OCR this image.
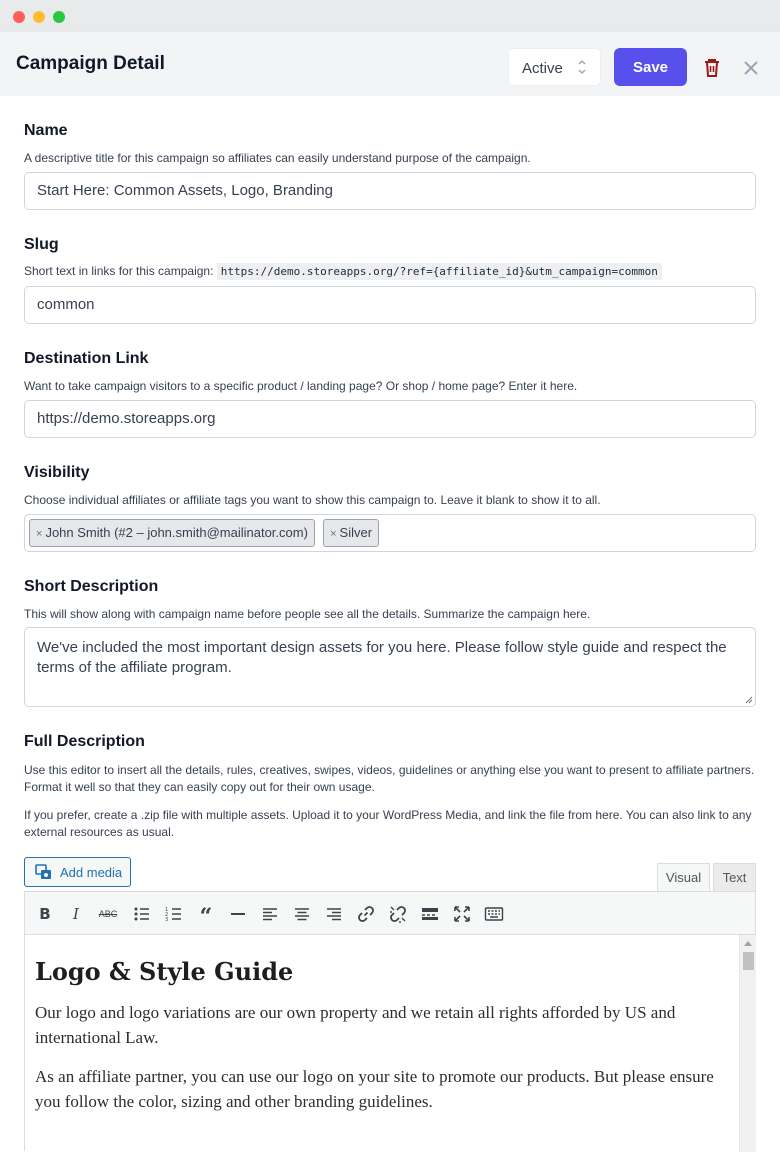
Campaign Detail	Active	Save
Name
A descriptive title for this campaign so affiliates can easily understand purpose of the campaign.
Start Here: Common Assets, Logo, Branding
Slug
Short text in links for this campaign: https://demo.storeapps.org/?ref={affiliate_id}&utm_campaign=common
common
Destination Link
Want to take campaign visitors to a specific product / landing page? Or shop / home page? Enter it here.
https://demo.storeapps.org
Visibility
Choose individual affiliates or affiliate tags you want to show this campaign to. Leave it blank to show it to all.
× John Smith (#2 – john.smith@mailinator.com) × Silver
Short Description
This will show along with campaign name before people see all the details. Summarize the campaign here.
We've included the most important design assets for you here. Please follow style guide and respect the terms of the affiliate program.
Full Description
Use this editor to insert all the details, rules, creatives, swipes, videos, guidelines or anything else you want to present to affiliate partners. Format it well so that they can easily copy out for their own usage.
If you prefer, create a .zip file with multiple assets. Upload it to your WordPress Media, and link the file from here. You can also link to any external resources as usual.
Add media	Visual	Text
B	I	ABC	1
2
3 “
Logo & Style Guide

Our logo and logo variations are our own property and we retain all rights afforded by US and international Law.

As an affiliate partner, you can use our logo on your site to promote our products. But please ensure you follow the color, sizing and other branding guidelines.
